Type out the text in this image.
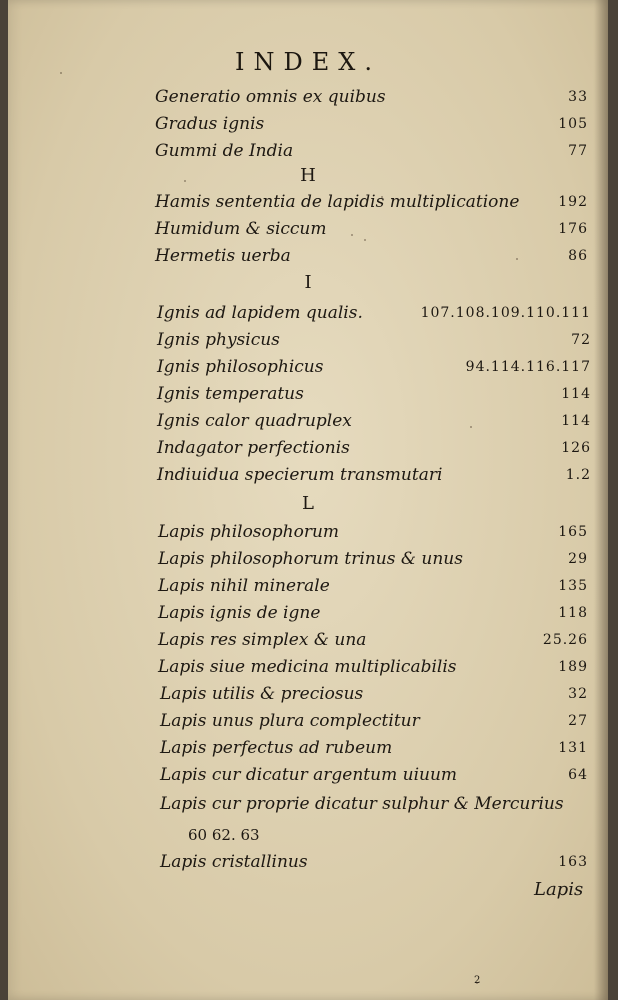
INDEX.
Generatio omnis ex quibus	33
Gradus ignis	105
Gummi de India	77
H
Hamis sententia de lapidis multiplicatione	192
Humidum & siccum	176
Hermetis uerba	86
I
Ignis ad lapidem qualis.	107.108.109.110.111
Ignis physicus	72
Ignis philosophicus	94.114.116.117
Ignis temperatus	114
Ignis calor quadruplex	114
Indagator perfectionis	126
Indiuidua specierum transmutari	1.2
L
Lapis philosophorum	165
Lapis philosophorum trinus & unus	29
Lapis nihil minerale	135
Lapis ignis de igne	118
Lapis res simplex & una	25.26
Lapis siue medicina multiplicabilis	189
Lapis utilis & preciosus	32
Lapis unus plura complectitur	27
Lapis perfectus ad rubeum	131
Lapis cur dicatur argentum uiuum	64
Lapis cur proprie dicatur sulphur & Mercurius
60 62. 63
Lapis cristallinus	163
Lapis
2
